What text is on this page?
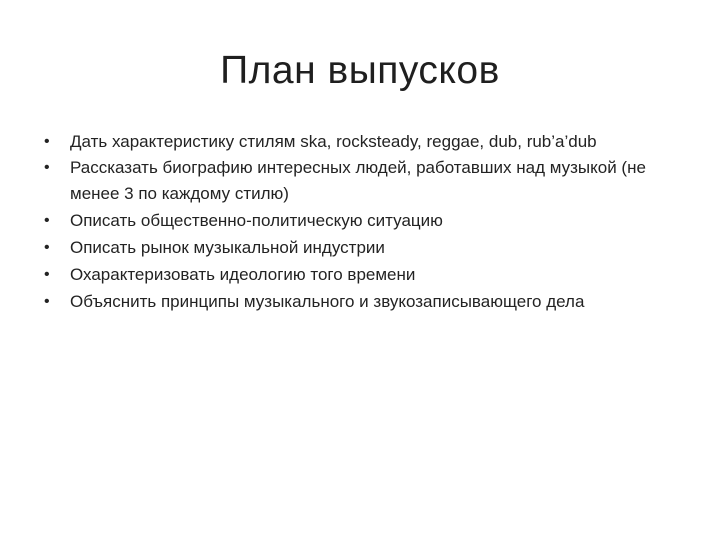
План выпусков
•	Дать характеристику стилям ska, rocksteady, reggae, dub, rub’a’dub
•	Рассказать биографию интересных людей, работавших над музыкой (не менее 3 по каждому стилю)
•	Описать общественно-политическую ситуацию
•	Описать рынок музыкальной индустрии
•	Охарактеризовать идеологию того времени
•	Объяснить принципы музыкального и звукозаписывающего дела
